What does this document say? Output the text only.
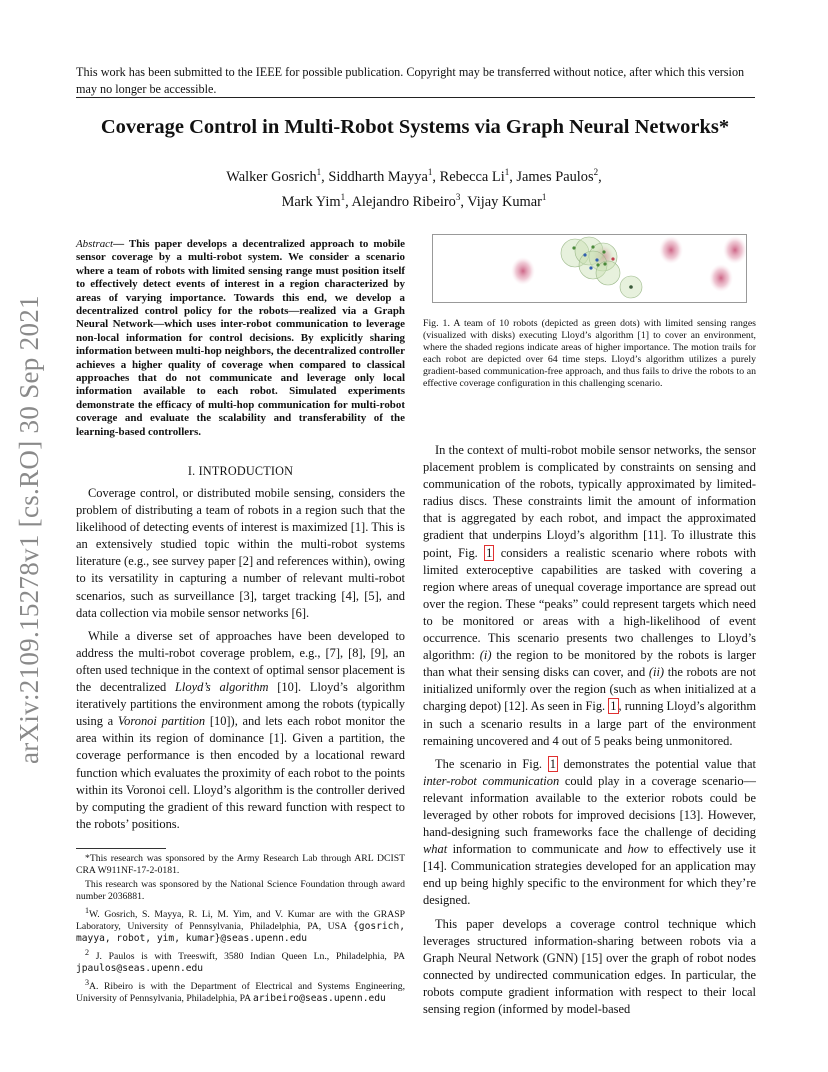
This work has been submitted to the IEEE for possible publication. Copyright may be transferred without notice, after which this version may no longer be accessible.
Coverage Control in Multi-Robot Systems via Graph Neural Networks*
Walker Gosrich$^1$, Siddharth Mayya$^1$, Rebecca Li$^1$, James Paulos$^2$,
Mark Yim$^1$, Alejandro Ribeiro$^3$, Vijay Kumar$^1$
arXiv:2109.15278v1 [cs.RO] 30 Sep 2021
Abstract— This paper develops a decentralized approach to mobile sensor coverage by a multi-robot system. We consider a scenario where a team of robots with limited sensing range must position itself to effectively detect events of interest in a region characterized by areas of varying importance. Towards this end, we develop a decentralized control policy for the robots—realized via a Graph Neural Network—which uses inter-robot communication to leverage non-local information for control decisions. By explicitly sharing information between multi-hop neighbors, the decentralized controller achieves a higher quality of coverage when compared to classical approaches that do not communicate and leverage only local information available to each robot. Simulated experiments demonstrate the efficacy of multi-hop communication for multi-robot coverage and evaluate the scalability and transferability of the learning-based controllers.
I. INTRODUCTION

Coverage control, or distributed mobile sensing, considers the problem of distributing a team of robots in a region such that the likelihood of detecting events of interest is maximized [1]. This is an extensively studied topic within the multi-robot systems literature (e.g., see survey paper [2] and references within), owing to its versatility in capturing a number of relevant multi-robot scenarios, such as surveillance [3], target tracking [4], [5], and data collection via mobile sensor networks [6].

While a diverse set of approaches have been developed to address the multi-robot coverage problem, e.g., [7], [8], [9], an often used technique in the context of optimal sensor placement is the decentralized Lloyd’s algorithm [10]. Lloyd’s algorithm iteratively partitions the environment among the robots (typically using a Voronoi partition [10]), and lets each robot monitor the area within its region of dominance [1]. Given a partition, the coverage performance is then encoded by a locational reward function which evaluates the proximity of each robot to the points within its Voronoi cell. Lloyd’s algorithm is the controller derived by computing the gradient of this reward function with respect to the robots’ positions.

*This research was sponsored by the Army Research Lab through ARL DCIST CRA W911NF-17-2-0181.

This research was sponsored by the National Science Foundation through award number 2036881.

$^1$W. Gosrich, S. Mayya, R. Li, M. Yim, and V. Kumar are with the GRASP Laboratory, University of Pennsylvania, Philadelphia, PA, USA {gosrich, mayya, robot, yim, kumar}@seas.upenn.edu

$^2$ J. Paulos is with Treeswift, 3580 Indian Queen Ln., Philadelphia, PA jpaulos@seas.upenn.edu

$^3$A. Ribeiro is with the Department of Electrical and Systems Engineering, University of Pennsylvania, Philadelphia, PA aribeiro@seas.upenn.edu

Fig. 1. A team of 10 robots (depicted as green dots) with limited sensing ranges (visualized with disks) executing Lloyd’s algorithm [1] to cover an environment, where the shaded regions indicate areas of higher importance. The motion trails for each robot are depicted over 64 time steps. Lloyd’s algorithm utilizes a purely gradient-based communication-free approach, and thus fails to drive the robots to an effective coverage configuration in this challenging scenario.

In the context of multi-robot mobile sensor networks, the sensor placement problem is complicated by constraints on sensing and communication of the robots, typically approximated by limited-radius discs. These constraints limit the amount of information that is aggregated by each robot, and impact the approximated gradient that underpins Lloyd’s algorithm [11]. To illustrate this point, Fig. 1 considers a realistic scenario where robots with limited exteroceptive capabilities are tasked with covering a region where areas of unequal coverage importance are spread out over the region. These “peaks” could represent targets which need to be monitored or areas with a high-likelihood of event occurrence. This scenario presents two challenges to Lloyd’s algorithm: (i) the region to be monitored by the robots is larger than what their sensing disks can cover, and (ii) the robots are not initialized uniformly over the region (such as when initialized at a charging depot) [12]. As seen in Fig. 1 , running Lloyd’s algorithm in such a scenario results in a large part of the environment remaining uncovered and 4 out of 5 peaks being unmonitored.

The scenario in Fig. 1 demonstrates the potential value that inter-robot communication could play in a coverage scenario—relevant information available to the exterior robots could be leveraged by other robots for improved decisions [13]. However, hand-designing such frameworks face the challenge of deciding what information to communicate and how to effectively use it [14]. Communication strategies developed for an application may end up being highly specific to the environment for which they’re designed.

This paper develops a coverage control technique which leverages structured information-sharing between robots via a Graph Neural Network (GNN) [15] over the graph of robot nodes connected by undirected communication edges. In particular, the robots compute gradient information with respect to their local sensing region (informed by model-based
